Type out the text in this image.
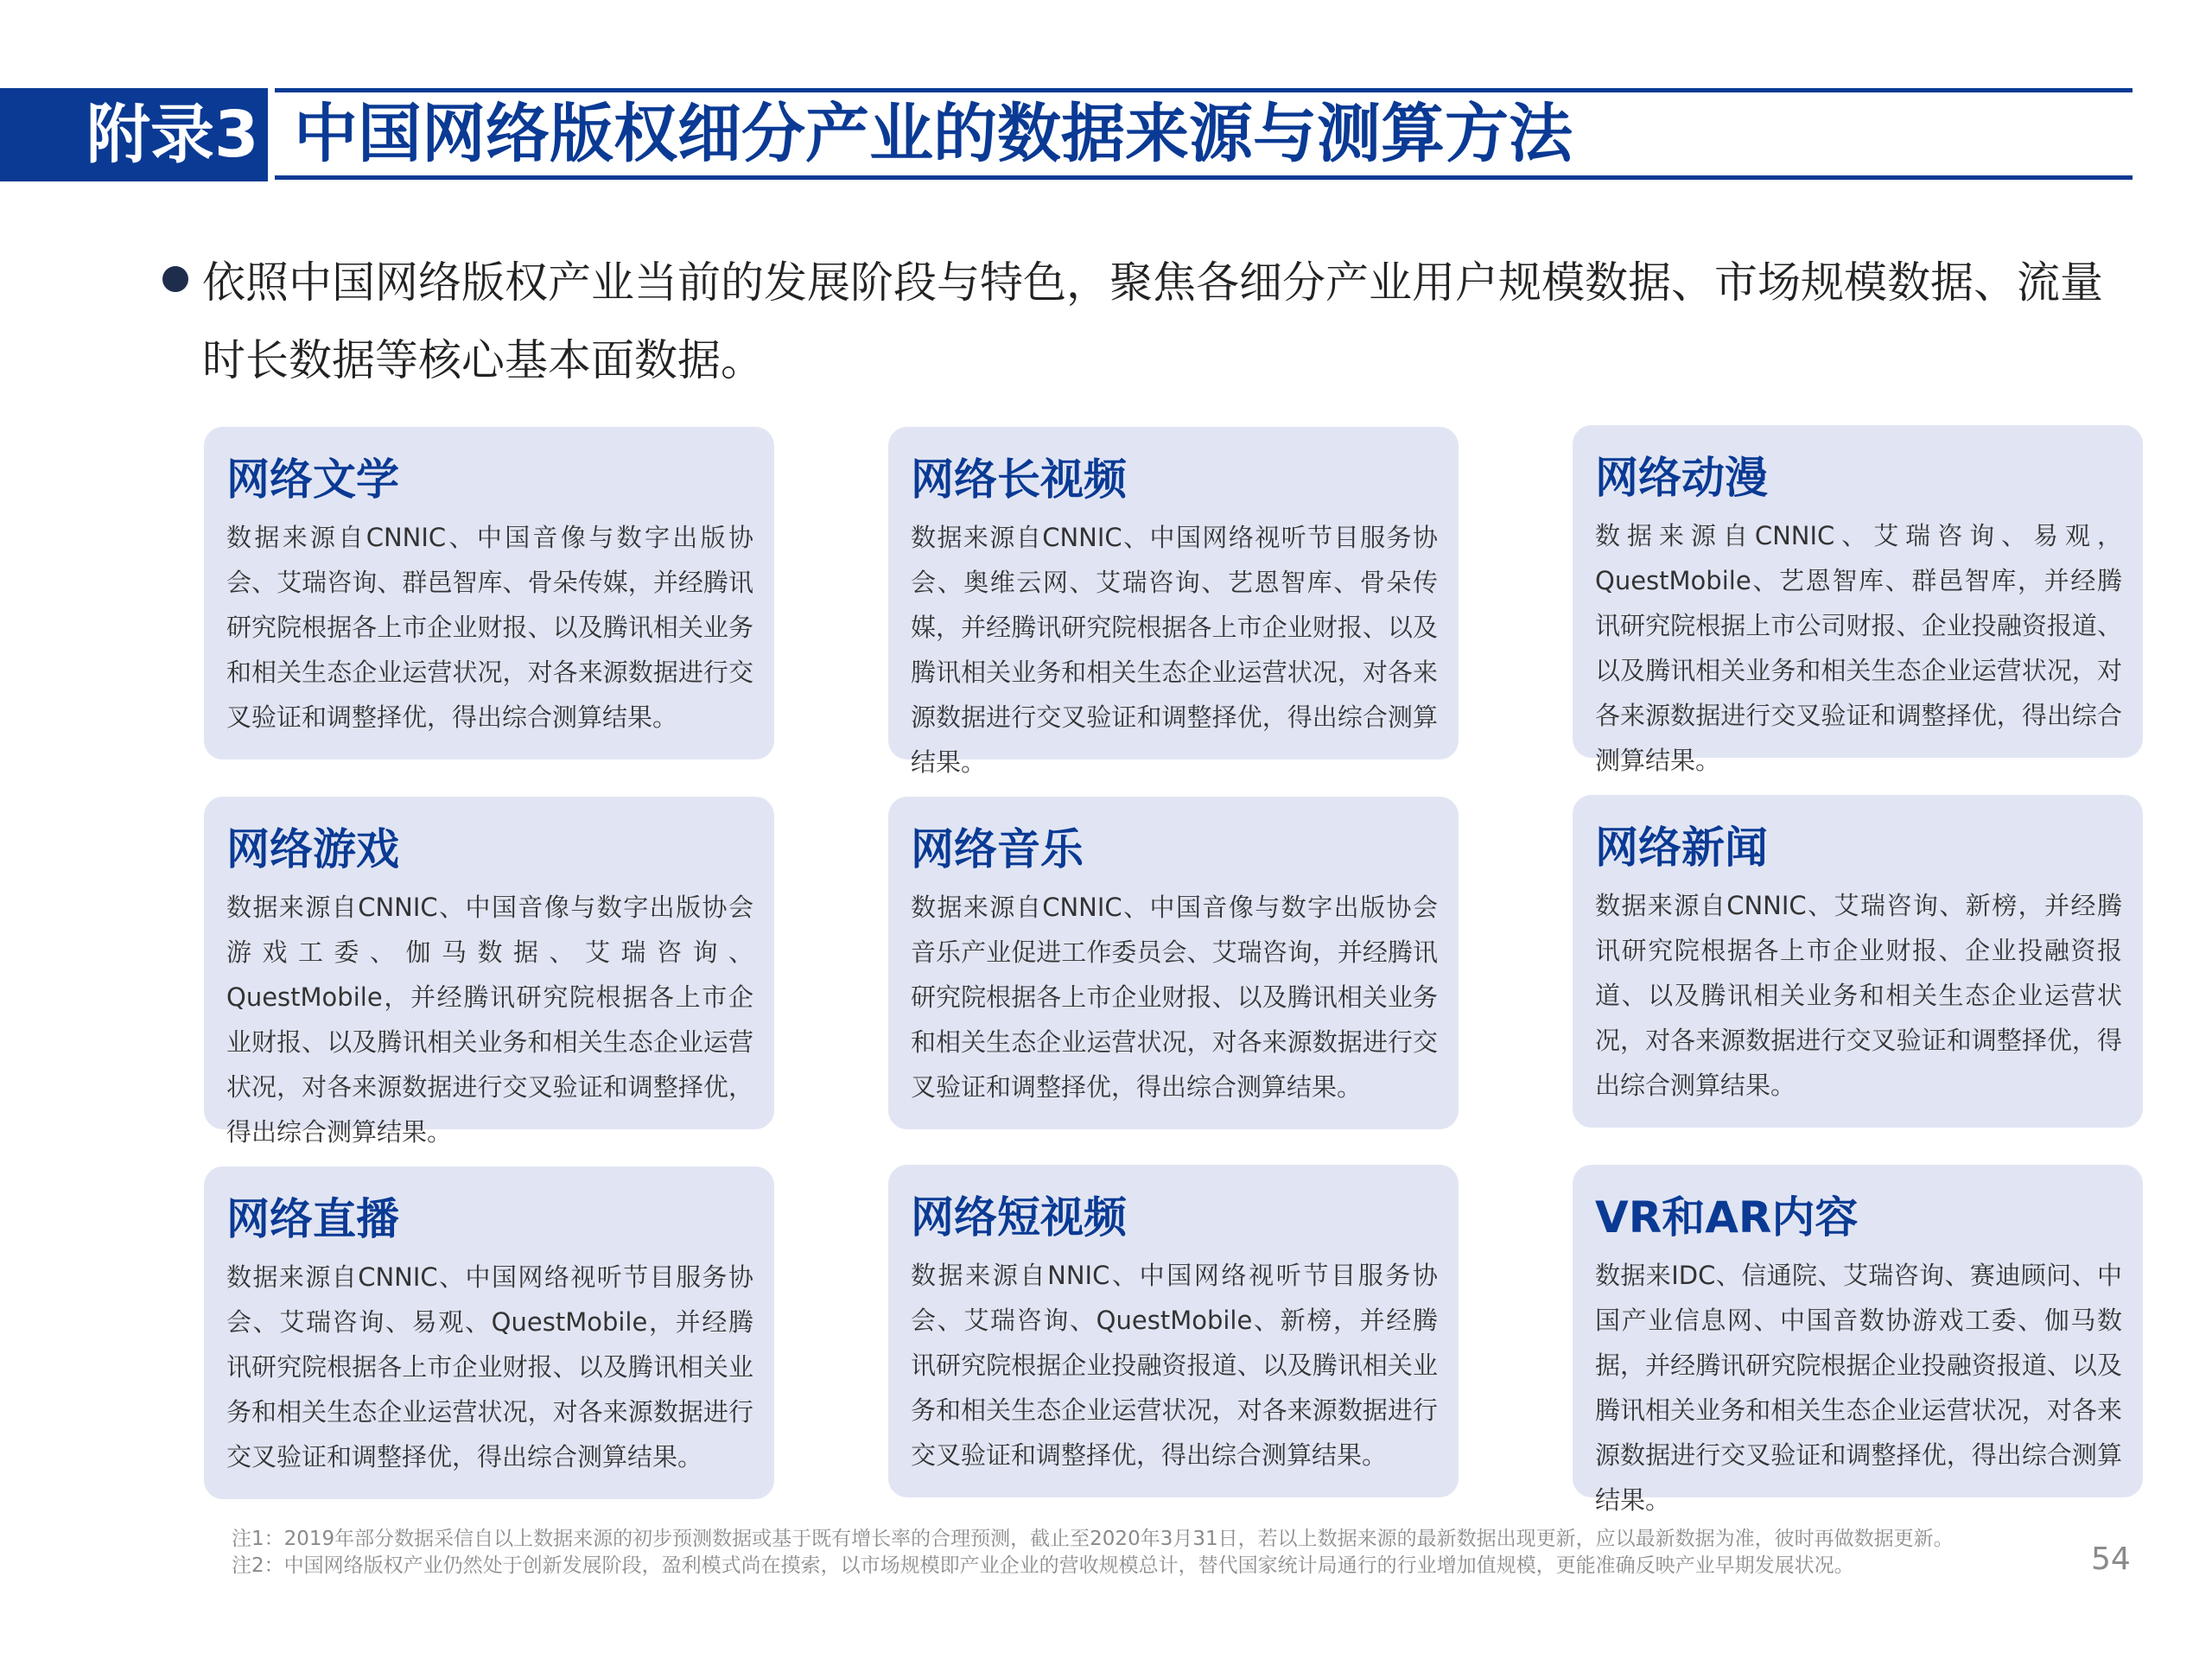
附录3 中国网络版权细分产业的数据来源与测算方法
依照中国网络版权产业当前的发展阶段与特色，聚焦各细分产业用户规模数据、市场规模数据、流量时长数据等核心基本面数据。
网络文学
数据来源自CNNIC、中国音像与数字出版协会、艾瑞咨询、群邑智库、骨朵传媒，并经腾讯研究院根据各上市企业财报、以及腾讯相关业务和相关生态企业运营状况，对各来源数据进行交叉验证和调整择优，得出综合测算结果。
网络长视频
数据来源自CNNIC、中国网络视听节目服务协会、奥维云网、艾瑞咨询、艺恩智库、骨朵传媒，并经腾讯研究院根据各上市企业财报、以及腾讯相关业务和相关生态企业运营状况，对各来源数据进行交叉验证和调整择优，得出综合测算结果。
网络动漫
数据来源自CNNIC、艾瑞咨询、易观，QuestMobile、艺恩智库、群邑智库，并经腾讯研究院根据上市公司财报、企业投融资报道、以及腾讯相关业务和相关生态企业运营状况，对各来源数据进行交叉验证和调整择优，得出综合测算结果。
网络游戏
数据来源自CNNIC、中国音像与数字出版协会游戏工委、伽马数据、艾瑞咨询、QuestMobile，并经腾讯研究院根据各上市企业财报、以及腾讯相关业务和相关生态企业运营状况，对各来源数据进行交叉验证和调整择优，得出综合测算结果。
网络音乐
数据来源自CNNIC、中国音像与数字出版协会音乐产业促进工作委员会、艾瑞咨询，并经腾讯研究院根据各上市企业财报、以及腾讯相关业务和相关生态企业运营状况，对各来源数据进行交叉验证和调整择优，得出综合测算结果。
网络新闻
数据来源自CNNIC、艾瑞咨询、新榜，并经腾讯研究院根据各上市企业财报、企业投融资报道、以及腾讯相关业务和相关生态企业运营状况，对各来源数据进行交叉验证和调整择优，得出综合测算结果。
网络直播
数据来源自CNNIC、中国网络视听节目服务协会、艾瑞咨询、易观、QuestMobile，并经腾讯研究院根据各上市企业财报、以及腾讯相关业务和相关生态企业运营状况，对各来源数据进行交叉验证和调整择优，得出综合测算结果。
网络短视频
数据来源自NNIC、中国网络视听节目服务协会、艾瑞咨询、QuestMobile、新榜，并经腾讯研究院根据企业投融资报道、以及腾讯相关业务和相关生态企业运营状况，对各来源数据进行交叉验证和调整择优，得出综合测算结果。
VR和AR内容
数据来IDC、信通院、艾瑞咨询、赛迪顾问、中国产业信息网、中国音数协游戏工委、伽马数据，并经腾讯研究院根据企业投融资报道、以及腾讯相关业务和相关生态企业运营状况，对各来源数据进行交叉验证和调整择优，得出综合测算结果。
注1：2019年部分数据采信自以上数据来源的初步预测数据或基于既有增长率的合理预测，截止至2020年3月31日，若以上数据来源的最新数据出现更新，应以最新数据为准，彼时再做数据更新。
注2：中国网络版权产业仍然处于创新发展阶段，盈利模式尚在摸索，以市场规模即产业企业的营收规模总计，替代国家统计局通行的行业增加值规模，更能准确反映产业早期发展状况。	54
